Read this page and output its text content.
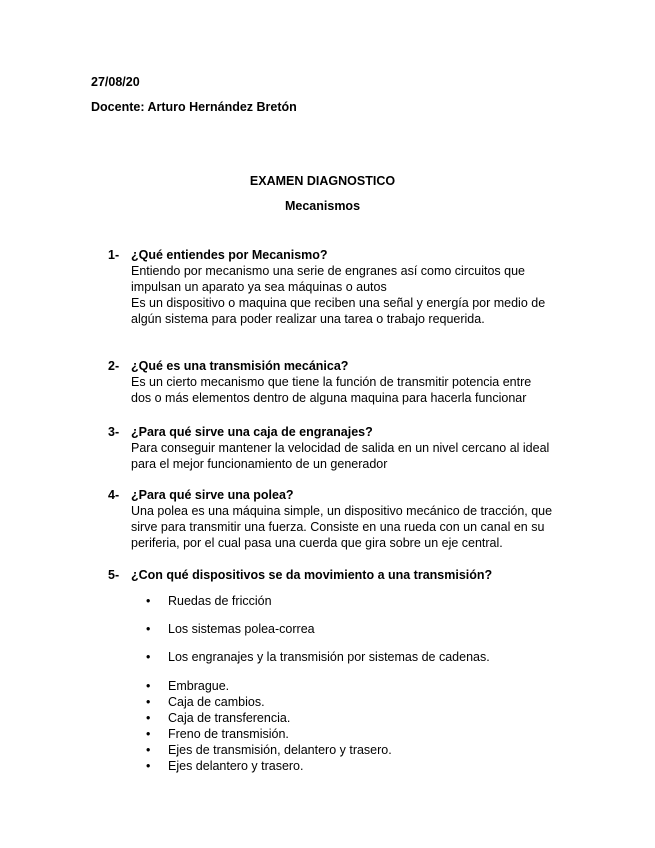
27/08/20
Docente: Arturo Hernández Bretón
EXAMEN DIAGNOSTICO
Mecanismos
1- ¿Qué entiendes por Mecanismo?
Entiendo por mecanismo una serie de engranes así como circuitos que
impulsan un aparato ya sea máquinas o autos
Es un dispositivo o maquina que reciben una señal y energía por medio de
algún sistema para poder realizar una tarea o trabajo requerida.
2- ¿Qué es una transmisión mecánica?
Es un cierto mecanismo que tiene la función de transmitir potencia entre
dos o más elementos dentro de alguna maquina para hacerla funcionar
3- ¿Para qué sirve una caja de engranajes?
Para conseguir mantener la velocidad de salida en un nivel cercano al ideal
para el mejor funcionamiento de un generador
4- ¿Para qué sirve una polea?
Una polea es una máquina simple, un dispositivo mecánico de tracción, que
sirve para transmitir una fuerza. Consiste en una rueda con un canal en su
periferia, por el cual pasa una cuerda que gira sobre un eje central.
5- ¿Con qué dispositivos se da movimiento a una transmisión?
• Ruedas de fricción
• Los sistemas polea-correa
• Los engranajes y la transmisión por sistemas de cadenas.
• Embrague.
• Caja de cambios.
• Caja de transferencia.
• Freno de transmisión.
• Ejes de transmisión, delantero y trasero.
• Ejes delantero y trasero.
